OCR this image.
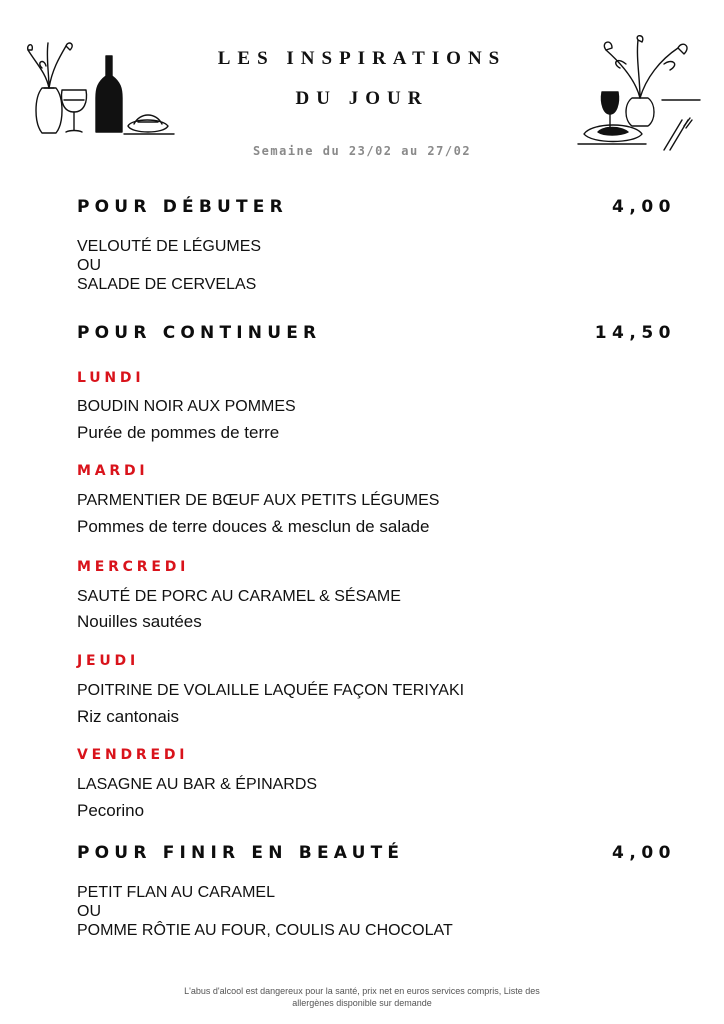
LES INSPIRATIONS
DU JOUR
Semaine du 23/02 au 27/02
POUR DÉBUTER	4,00
VELOUTÉ DE LÉGUMES
OU
SALADE DE CERVELAS
POUR CONTINUER	14,50
LUNDI
BOUDIN NOIR AUX POMMES
Purée de pommes de terre
MARDI
PARMENTIER DE BŒUF AUX PETITS LÉGUMES
Pommes de terre douces & mesclun de salade
MERCREDI
SAUTÉ DE PORC AU CARAMEL & SÉSAME
Nouilles sautées
JEUDI
POITRINE DE VOLAILLE LAQUÉE FAÇON TERIYAKI
Riz cantonais
VENDREDI
LASAGNE AU BAR & ÉPINARDS
Pecorino
POUR FINIR EN BEAUTÉ	4,00
PETIT FLAN AU CARAMEL
OU
POMME RÔTIE AU FOUR, COULIS AU CHOCOLAT
L'abus d'alcool est dangereux pour la santé, prix net en euros services compris, Liste des
allergènes disponible sur demande
